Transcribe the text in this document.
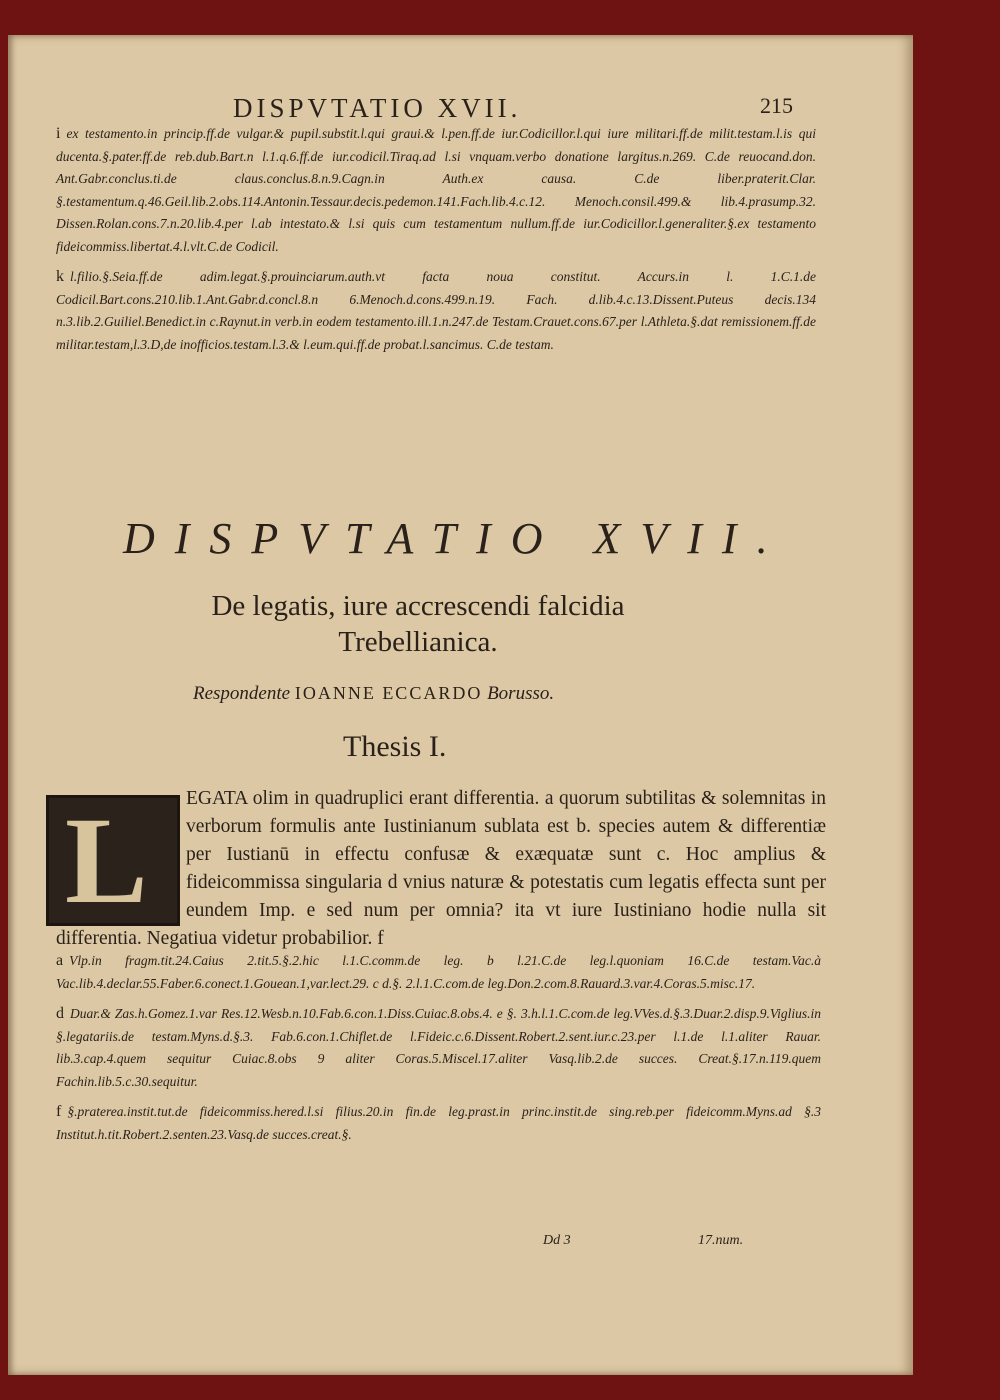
DISPVTATIO XVII.	215

i ex testamento.in princip.ff.de vulgar.& pupil.substit.l.qui graui.& l.pen.ff.de iur.Codicillor.l.qui iure militari.ff.de milit.testam.l.is qui ducenta.§.pater.ff.de reb.dub.Bart.n l.1.q.6.ff.de iur.codicil.Tiraq.ad l.si vnquam.verbo donatione largitus.n.269. C.de reuocand.don. Ant.Gabr.conclus.ti.de claus.conclus.8.n.9.Cagn.in Auth.ex causa. C.de liber.praterit.Clar. §.testamentum.q.46.Geil.lib.2.obs.114.Antonin.Tessaur.decis.pedemon.141.Fach.lib.4.c.12. Menoch.consil.499.& lib.4.prasump.32. Dissen.Rolan.cons.7.n.20.lib.4.per l.ab intestato.& l.si quis cum testamentum nullum.ff.de iur.Codicillor.l.generaliter.§.ex testamento fideicommiss.libertat.4.l.vlt.C.de Codicil.

k l.filio.§.Seia.ff.de adim.legat.§.prouinciarum.auth.vt facta noua constitut. Accurs.in l. 1.C.1.de Codicil.Bart.cons.210.lib.1.Ant.Gabr.d.concl.8.n 6.Menoch.d.cons.499.n.19. Fach. d.lib.4.c.13.Dissent.Puteus decis.134 n.3.lib.2.Guiliel.Benedict.in c.Raynut.in verb.in eodem testamento.ill.1.n.247.de Testam.Crauet.cons.67.per l.Athleta.§.dat remissionem.ff.de militar.testam,l.3.D,de inofficios.testam.l.3.& l.eum.qui.ff.de probat.l.sancimus. C.de testam.

DISPVTATIO XVII.
De legatis, iure accrescendi falcidia
Trebellianica.
Respondente IOANNE ECCARDO Borusso.
Thesis I.

EGATA olim in quadruplici erant differentia. a quorum subtilitas & solemnitas in verborum formulis ante Iustinianum sublata est b. species autem & differentiæ per Iustianū in effectu confusæ & exæquatæ sunt c. Hoc amplius & fideicommissa singularia d vnius naturæ & potestatis cum legatis effecta sunt per eundem Imp. e sed num per omnia? ita vt iure Iustiniano hodie nulla sit differentia. Negatiua videtur probabilior. f

L

a Vlp.in fragm.tit.24.Caius 2.tit.5.§.2.hic l.1.C.comm.de leg. b l.21.C.de leg.l.quoniam 16.C.de testam.Vac.à Vac.lib.4.declar.55.Faber.6.conect.1.Gouean.1,var.lect.29. c d.§. 2.l.1.C.com.de leg.Don.2.com.8.Rauard.3.var.4.Coras.5.misc.17.

d Duar.& Zas.h.Gomez.1.var Res.12.Wesb.n.10.Fab.6.con.1.Diss.Cuiac.8.obs.4. e §. 3.h.l.1.C.com.de leg.VVes.d.§.3.Duar.2.disp.9.Viglius.in §.legatariis.de testam.Myns.d.§.3. Fab.6.con.1.Chiflet.de l.Fideic.c.6.Dissent.Robert.2.sent.iur.c.23.per l.1.de l.1.aliter Rauar. lib.3.cap.4.quem sequitur Cuiac.8.obs 9 aliter Coras.5.Miscel.17.aliter Vasq.lib.2.de succes. Creat.§.17.n.119.quem Fachin.lib.5.c.30.sequitur.

f §.praterea.instit.tut.de fideicommiss.hered.l.si filius.20.in fin.de leg.prast.in princ.instit.de sing.reb.per fideicomm.Myns.ad §.3 Institut.h.tit.Robert.2.senten.23.Vasq.de succes.creat.§.

Dd 3	17.num.
